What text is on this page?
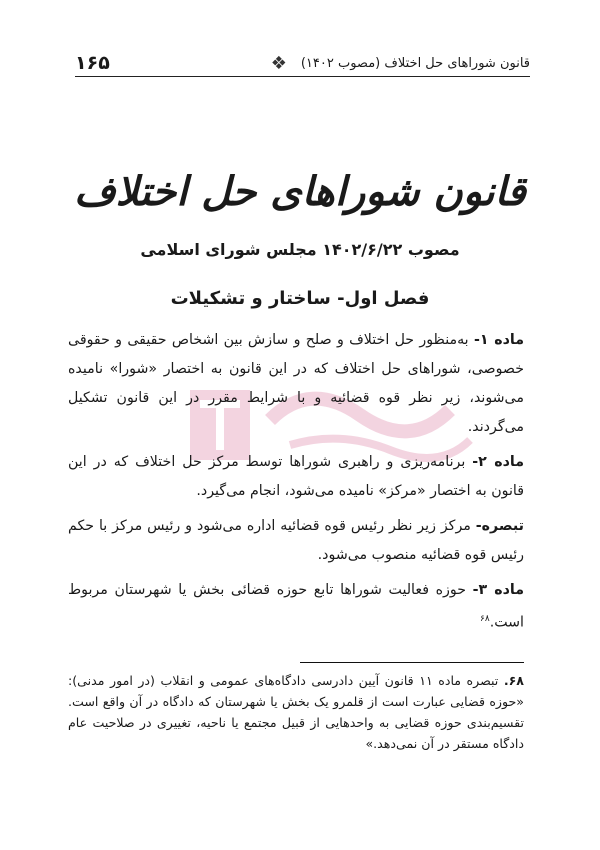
۱۶۵	❖ قانون شوراهای حل اختلاف (مصوب ۱۴۰۲)
قانون شوراهای حل اختلاف
مصوب ۱۴۰۲/۶/۲۲ مجلس شورای اسلامی
فصل اول- ساختار و تشکیلات

ماده ۱- به‌منظور حل اختلاف و صلح و سازش بین اشخاص حقیقی و حقوقی خصوصی، شوراهای حل اختلاف که در این قانون به اختصار «شورا» نامیده می‌شوند، زیر نظر قوه قضائیه و با شرایط مقرر در این قانون تشکیل می‌گردند.

ماده ۲- برنامه‌ریزی و راهبری شوراها توسط مرکز حل اختلاف که در این قانون به اختصار «مرکز» نامیده می‌شود، انجام می‌گیرد.

تبصره- مرکز زیر نظر رئیس قوه قضائیه اداره می‌شود و رئیس مرکز با حکم رئیس قوه قضائیه منصوب می‌شود.

ماده ۳- حوزه فعالیت شوراها تابع حوزه قضائی بخش یا شهرستان مربوط است.$^{۶۸}$

۶۸. تبصره ماده ۱۱ قانون آیین دادرسی دادگاه‌های عمومی و انقلاب (در امور مدنی): «حوزه قضایی عبارت است از قلمرو یک بخش یا شهرستان که دادگاه در آن واقع است. تقسیم‌بندی حوزه قضایی به واحدهایی از قبیل مجتمع یا ناحیه، تغییری در صلاحیت عام دادگاه مستقر در آن نمی‌دهد.»
